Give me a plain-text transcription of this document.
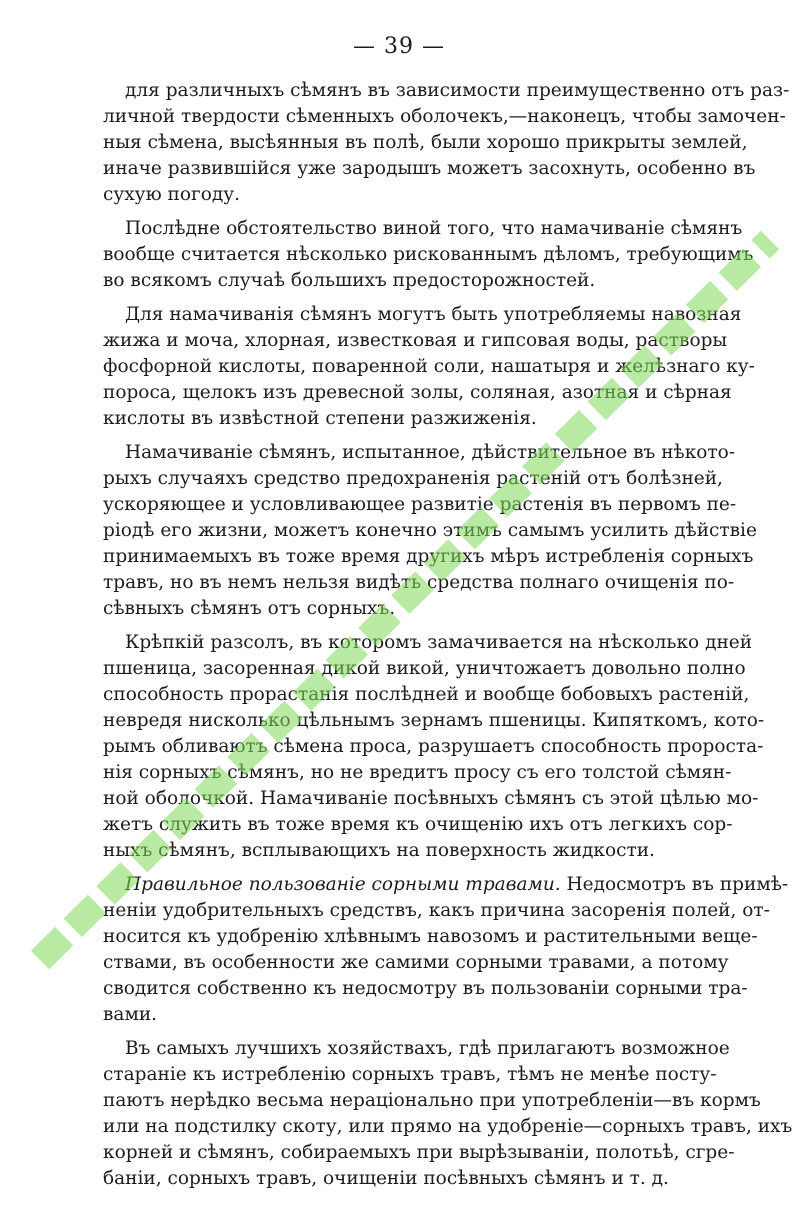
— 39 —
для различныхъ сѣмянъ въ зависимости преимущественно отъ раз-
личной твердости сѣменныхъ оболочекъ,—наконецъ, чтобы замочен-
ныя сѣмена, высѣянныя въ полѣ, были хорошо прикрыты землей,
иначе развившійся уже зародышъ можетъ засохнуть, особенно въ
сухую погоду.
Послѣдне обстоятельство виной того, что намачиваніе сѣмянъ
вообще считается нѣсколько рискованнымъ дѣломъ, требующимъ
во всякомъ случаѣ большихъ предосторожностей.
Для намачиванія сѣмянъ могутъ быть употребляемы навозная
жижа и моча, хлорная, известковая и гипсовая воды, растворы
фосфорной кислоты, поваренной соли, нашатыря и желѣзнаго ку-
пороса, щелокъ изъ древесной золы, соляная, азотная и сѣрная
кислоты въ извѣстной степени разжиженія.
Намачиваніе сѣмянъ, испытанное, дѣйствительное въ нѣкото-
рыхъ случаяхъ средство предохраненія растеній отъ болѣзней,
ускоряющее и условливающее развитіе растенія въ первомъ пе-
ріодѣ его жизни, можетъ конечно этимъ самымъ усилить дѣйствіе
принимаемыхъ въ тоже время другихъ мѣръ истребленія сорныхъ
травъ, но въ немъ нельзя видѣть средства полнаго очищенія по-
сѣвныхъ сѣмянъ отъ сорныхъ.
Крѣпкій разсолъ, въ которомъ замачивается на нѣсколько дней
пшеница, засоренная дикой викой, уничтожаетъ довольно полно
способность прорастанія послѣдней и вообще бобовыхъ растеній,
невредя нисколько цѣльнымъ зернамъ пшеницы. Кипяткомъ, кото-
рымъ обливаютъ сѣмена проса, разрушаетъ способность пророста-
нія сорныхъ сѣмянъ, но не вредитъ просу съ его толстой сѣмян-
ной оболочкой. Намачиваніе посѣвныхъ сѣмянъ съ этой цѣлью мо-
жетъ служить въ тоже время къ очищенію ихъ отъ легкихъ сор-
ныхъ сѣмянъ, всплывающихъ на поверхность жидкости.
Правильное пользованіе сорными травами. Недосмотръ въ примѣ-
неніи удобрительныхъ средствъ, какъ причина засоренія полей, от-
носится къ удобренію хлѣвнымъ навозомъ и растительными веще-
ствами, въ особенности же самими сорными травами, а потому
сводится собственно къ недосмотру въ пользованіи сорными тра-
вами.
Въ самыхъ лучшихъ хозяйствахъ, гдѣ прилагаютъ возможное
стараніе къ истребленію сорныхъ травъ, тѣмъ не менѣе посту-
паютъ нерѣдко весьма нераціонально при употребленіи—въ кормъ
или на подстилку скоту, или прямо на удобреніе—сорныхъ травъ, ихъ
корней и сѣмянъ, собираемыхъ при вырѣзываніи, полотьѣ, сгре-
баніи, сорныхъ травъ, очищеніи посѣвныхъ сѣмянъ и т. д.
